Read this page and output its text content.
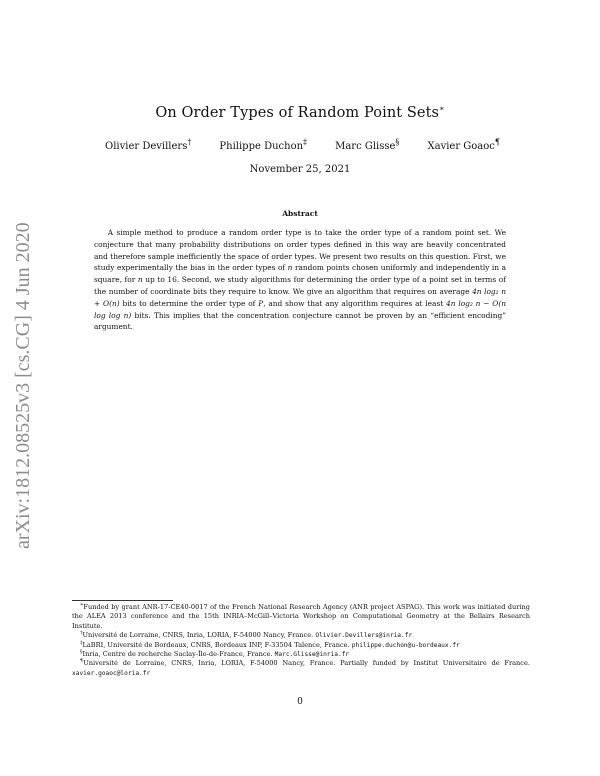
arXiv:1812.08525v3 [cs.CG] 4 Jun 2020
On Order Types of Random Point Sets∗
Olivier Devillers†	Philippe Duchon‡	Marc Glisse§	Xavier Goaoc¶
November 25, 2021
Abstract
A simple method to produce a random order type is to take the order type of a random point set. We conjecture that many probability distributions on order types defined in this way are heavily concentrated and therefore sample inefficiently the space of order types. We present two results on this question. First, we study experimentally the bias in the order types of n random points chosen uniformly and independently in a square, for n up to 16. Second, we study algorithms for determining the order type of a point set in terms of the number of coordinate bits they require to know. We give an algorithm that requires on average 4n log₂ n + O(n) bits to determine the order type of P, and show that any algorithm requires at least 4n log₂ n − O(n log log n) bits. This implies that the concentration conjecture cannot be proven by an “efficient encoding” argument.

∗Funded by grant ANR-17-CE40-0017 of the French National Research Agency (ANR project ASPAG). This work was initiated during the ALEA 2013 conference and the 15th INRIA–McGill–Victoria Workshop on Computational Geometry at the Bellairs Research Institute.

†Université de Lorraine, CNRS, Inria, LORIA, F-54000 Nancy, France. Olivier.Devillers@inria.fr

‡LaBRI, Université de Bordeaux, CNRS, Bordeaux INP, F-33504 Talence, France. philippe.duchon@u-bordeaux.fr

§Inria, Centre de recherche Saclay-Île-de-France, France. Marc.Glisse@inria.fr

¶Université de Lorraine, CNRS, Inria, LORIA, F-54000 Nancy, France. Partially funded by Institut Universitaire de France. xavier.goaoc@loria.fr

0
